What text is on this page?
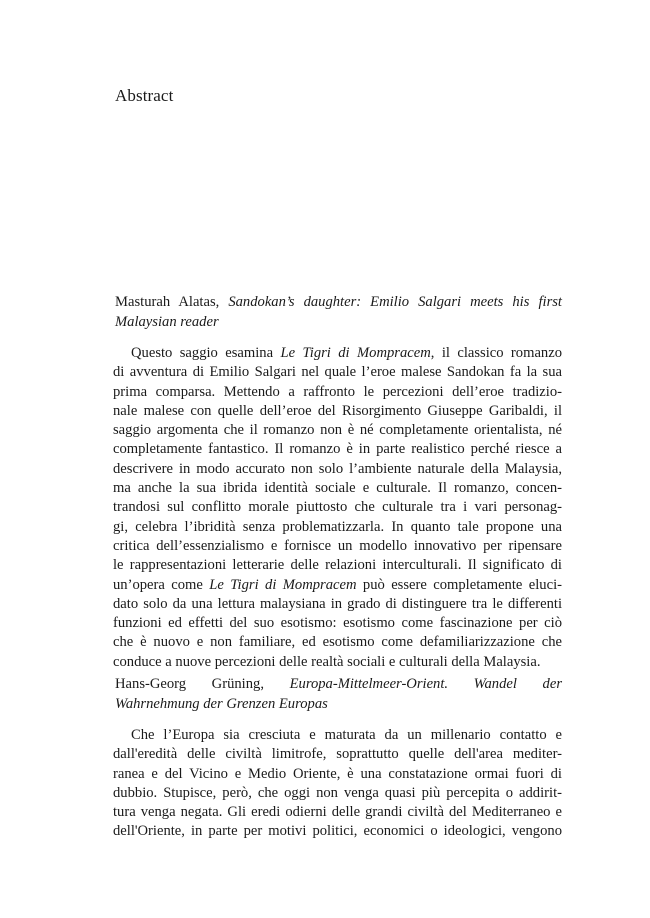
Abstract
Masturah Alatas, Sandokan’s daughter: Emilio Salgari meets his first
Malaysian reader
Questo saggio esamina Le Tigri di Mompracem, il classico romanzo
di avventura di Emilio Salgari nel quale l’eroe malese Sandokan fa la sua
prima comparsa. Mettendo a raffronto le percezioni dell’eroe tradizio-
nale malese con quelle dell’eroe del Risorgimento Giuseppe Garibaldi, il
saggio argomenta che il romanzo non è né completamente orientalista, né
completamente fantastico. Il romanzo è in parte realistico perché riesce a
descrivere in modo accurato non solo l’ambiente naturale della Malaysia,
ma anche la sua ibrida identità sociale e culturale. Il romanzo, concen-
trandosi sul conflitto morale piuttosto che culturale tra i vari personag-
gi, celebra l’ibridità senza problematizzarla. In quanto tale propone una
critica dell’essenzialismo e fornisce un modello innovativo per ripensare
le rappresentazioni letterarie delle relazioni interculturali. Il significato di
un’opera come Le Tigri di Mompracem può essere completamente eluci-
dato solo da una lettura malaysiana in grado di distinguere tra le differenti
funzioni ed effetti del suo esotismo: esotismo come fascinazione per ciò
che è nuovo e non familiare, ed esotismo come defamiliarizzazione che
conduce a nuove percezioni delle realtà sociali e culturali della Malaysia.
Hans-Georg Grüning, Europa-Mittelmeer-Orient. Wandel der
Wahrnehmung der Grenzen Europas
Che l’Europa sia cresciuta e maturata da un millenario contatto e
dall'eredità delle civiltà limitrofe, soprattutto quelle dell'area mediter-
ranea e del Vicino e Medio Oriente, è una constatazione ormai fuori di
dubbio. Stupisce, però, che oggi non venga quasi più percepita o addirit-
tura venga negata. Gli eredi odierni delle grandi civiltà del Mediterraneo e
dell'Oriente, in parte per motivi politici, economici o ideologici, vengono
